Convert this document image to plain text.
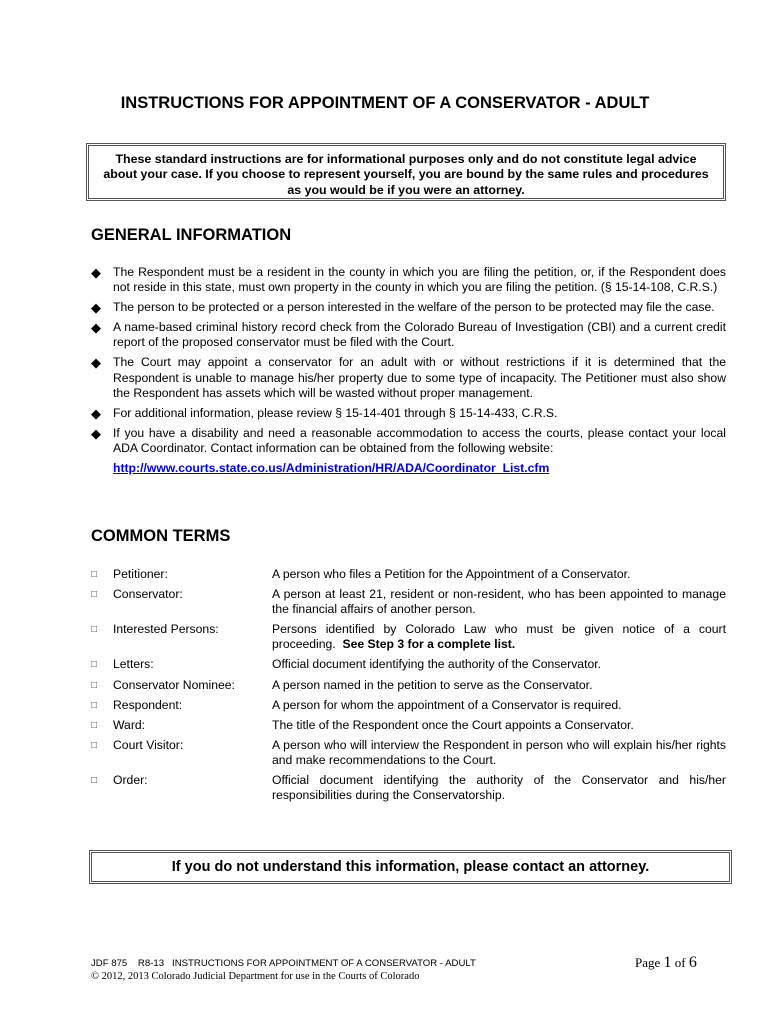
INSTRUCTIONS FOR APPOINTMENT OF A CONSERVATOR - ADULT
These standard instructions are for informational purposes only and do not constitute legal advice about your case. If you choose to represent yourself, you are bound by the same rules and procedures as you would be if you were an attorney.
GENERAL INFORMATION
◆ The Respondent must be a resident in the county in which you are filing the petition, or, if the Respondent does not reside in this state, must own property in the county in which you are filing the petition. (§ 15-14-108, C.R.S.)
◆ The person to be protected or a person interested in the welfare of the person to be protected may file the case.
◆ A name-based criminal history record check from the Colorado Bureau of Investigation (CBI) and a current credit report of the proposed conservator must be filed with the Court.
◆ The Court may appoint a conservator for an adult with or without restrictions if it is determined that the Respondent is unable to manage his/her property due to some type of incapacity. The Petitioner must also show the Respondent has assets which will be wasted without proper management.
◆ For additional information, please review § 15-14-401 through § 15-14-433, C.R.S.
◆ If you have a disability and need a reasonable accommodation to access the courts, please contact your local ADA Coordinator. Contact information can be obtained from the following website:
http://www.courts.state.co.us/Administration/HR/ADA/Coordinator_List.cfm
COMMON TERMS
□	Petitioner:	A person who files a Petition for the Appointment of a Conservator.
□	Conservator:	A person at least 21, resident or non-resident, who has been appointed to manage the financial affairs of another person.
□	Interested Persons:	Persons identified by Colorado Law who must be given notice of a court proceeding. See Step 3 for a complete list.
□	Letters:	Official document identifying the authority of the Conservator.
□	Conservator Nominee:	A person named in the petition to serve as the Conservator.
□	Respondent:	A person for whom the appointment of a Conservator is required.
□	Ward:	The title of the Respondent once the Court appoints a Conservator.
□	Court Visitor:	A person who will interview the Respondent in person who will explain his/her rights and make recommendations to the Court.
□	Order:	Official document identifying the authority of the Conservator and his/her responsibilities during the Conservatorship.
If you do not understand this information, please contact an attorney.
JDF 875    R8-13   INSTRUCTIONS FOR APPOINTMENT OF A CONSERVATOR - ADULT
© 2012, 2013 Colorado Judicial Department for use in the Courts of Colorado
Page 1 of 6
